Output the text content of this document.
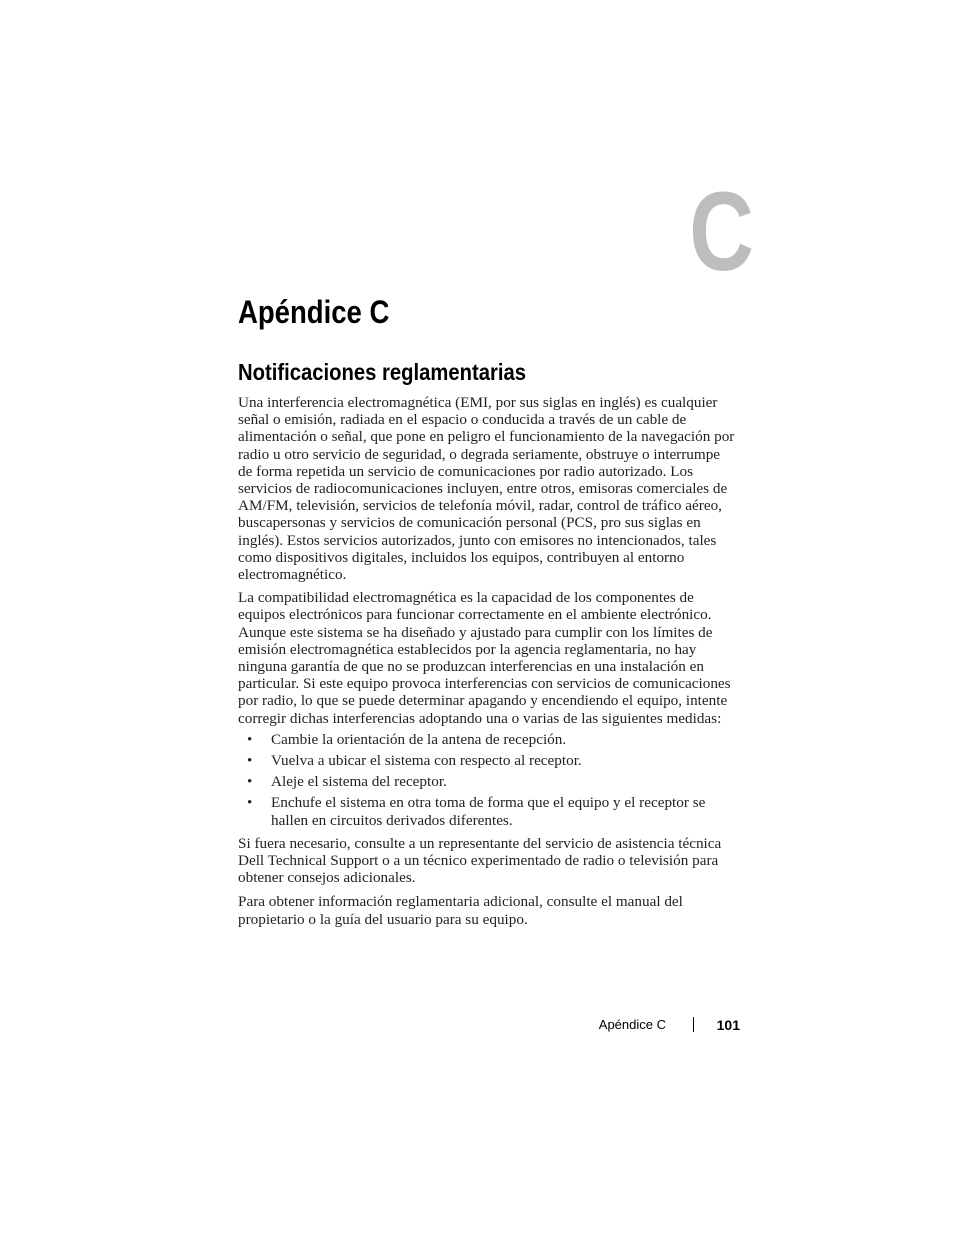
C
Apéndice C
Notificaciones reglamentarias

Una interferencia electromagnética (EMI, por sus siglas en inglés) es cualquier señal o emisión, radiada en el espacio o conducida a través de un cable de alimentación o señal, que pone en peligro el funcionamiento de la navegación por radio u otro servicio de seguridad, o degrada seriamente, obstruye o interrumpe de forma repetida un servicio de comunicaciones por radio autorizado. Los servicios de radiocomunicaciones incluyen, entre otros, emisoras comerciales de AM/FM, televisión, servicios de telefonía móvil, radar, control de tráfico aéreo, buscapersonas y servicios de comunicación personal (PCS, pro sus siglas en inglés). Estos servicios autorizados, junto con emisores no intencionados, tales como dispositivos digitales, incluidos los equipos, contribuyen al entorno electromagnético.

La compatibilidad electromagnética es la capacidad de los componentes de equipos electrónicos para funcionar correctamente en el ambiente electrónico. Aunque este sistema se ha diseñado y ajustado para cumplir con los límites de emisión electromagnética establecidos por la agencia reglamentaria, no hay ninguna garantía de que no se produzcan interferencias en una instalación en particular. Si este equipo provoca interferencias con servicios de comunicaciones por radio, lo que se puede determinar apagando y encendiendo el equipo, intente corregir dichas interferencias adoptando una o varias de las siguientes medidas:

• Cambie la orientación de la antena de recepción.
• Vuelva a ubicar el sistema con respecto al receptor.
• Aleje el sistema del receptor.
• Enchufe el sistema en otra toma de forma que el equipo y el receptor se hallen en circuitos derivados diferentes.

Si fuera necesario, consulte a un representante del servicio de asistencia técnica Dell Technical Support o a un técnico experimentado de radio o televisión para obtener consejos adicionales.

Para obtener información reglamentaria adicional, consulte el manual del propietario o la guía del usuario para su equipo.

Apéndice C	101
